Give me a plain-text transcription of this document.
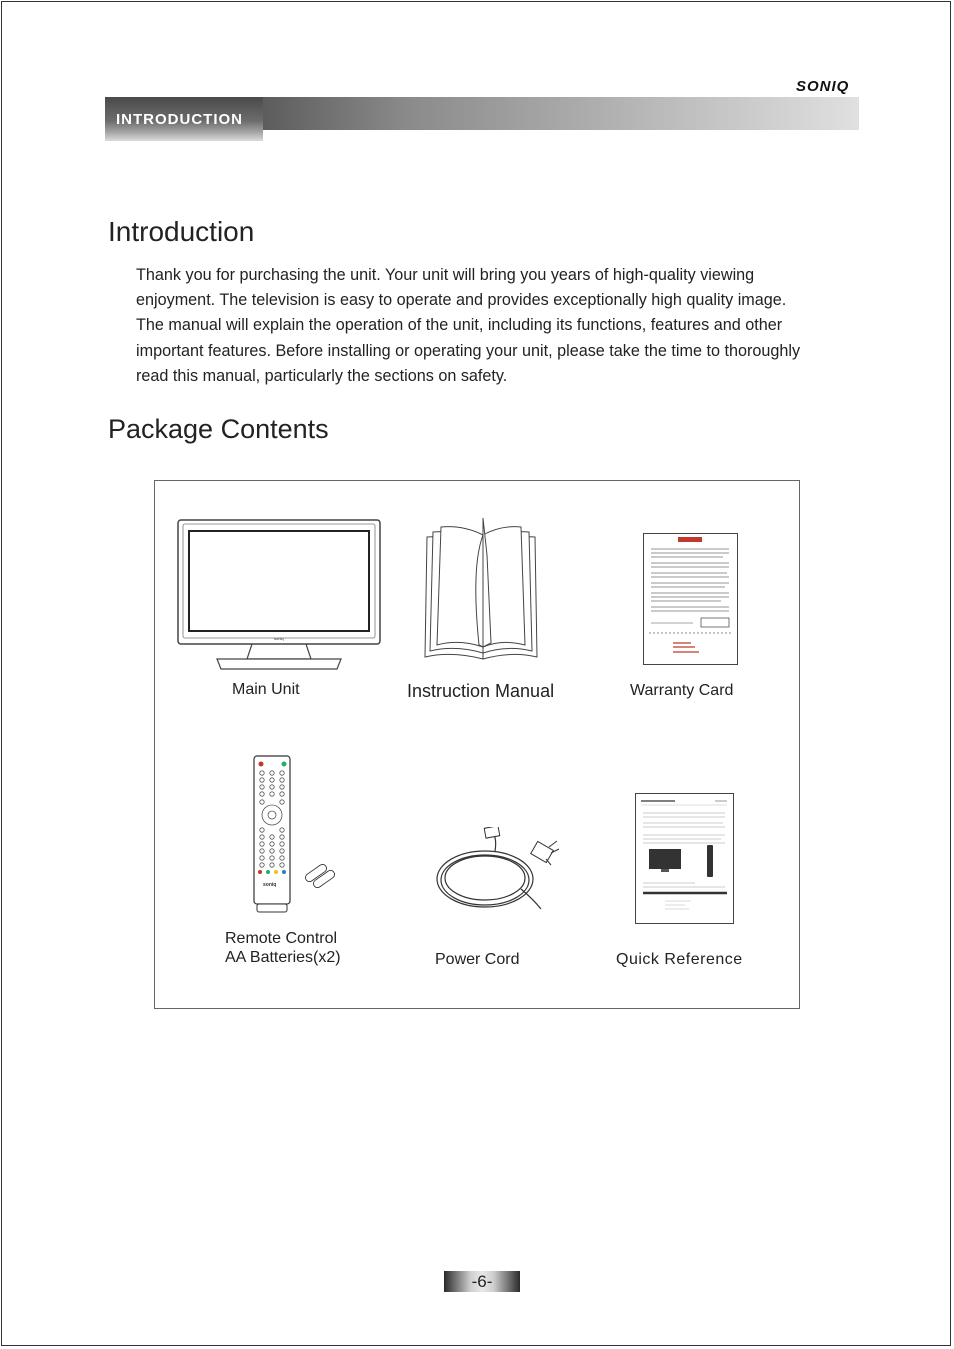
SONIQ
INTRODUCTION
Introduction

Thank you for purchasing the unit. Your unit will bring you years of high-quality viewing
enjoyment. The television is easy to operate and provides exceptionally high quality image.
The manual will explain the operation of the unit, including its functions, features and other
important features. Before installing or operating your unit, please take the time to thoroughly
read this manual, particularly the sections on safety.

Package Contents
soniq
Main Unit	Instruction Manual	Warranty Card
soniq
Remote Control
AA Batteries(x2)	Power Cord	Quick Reference
-6-
